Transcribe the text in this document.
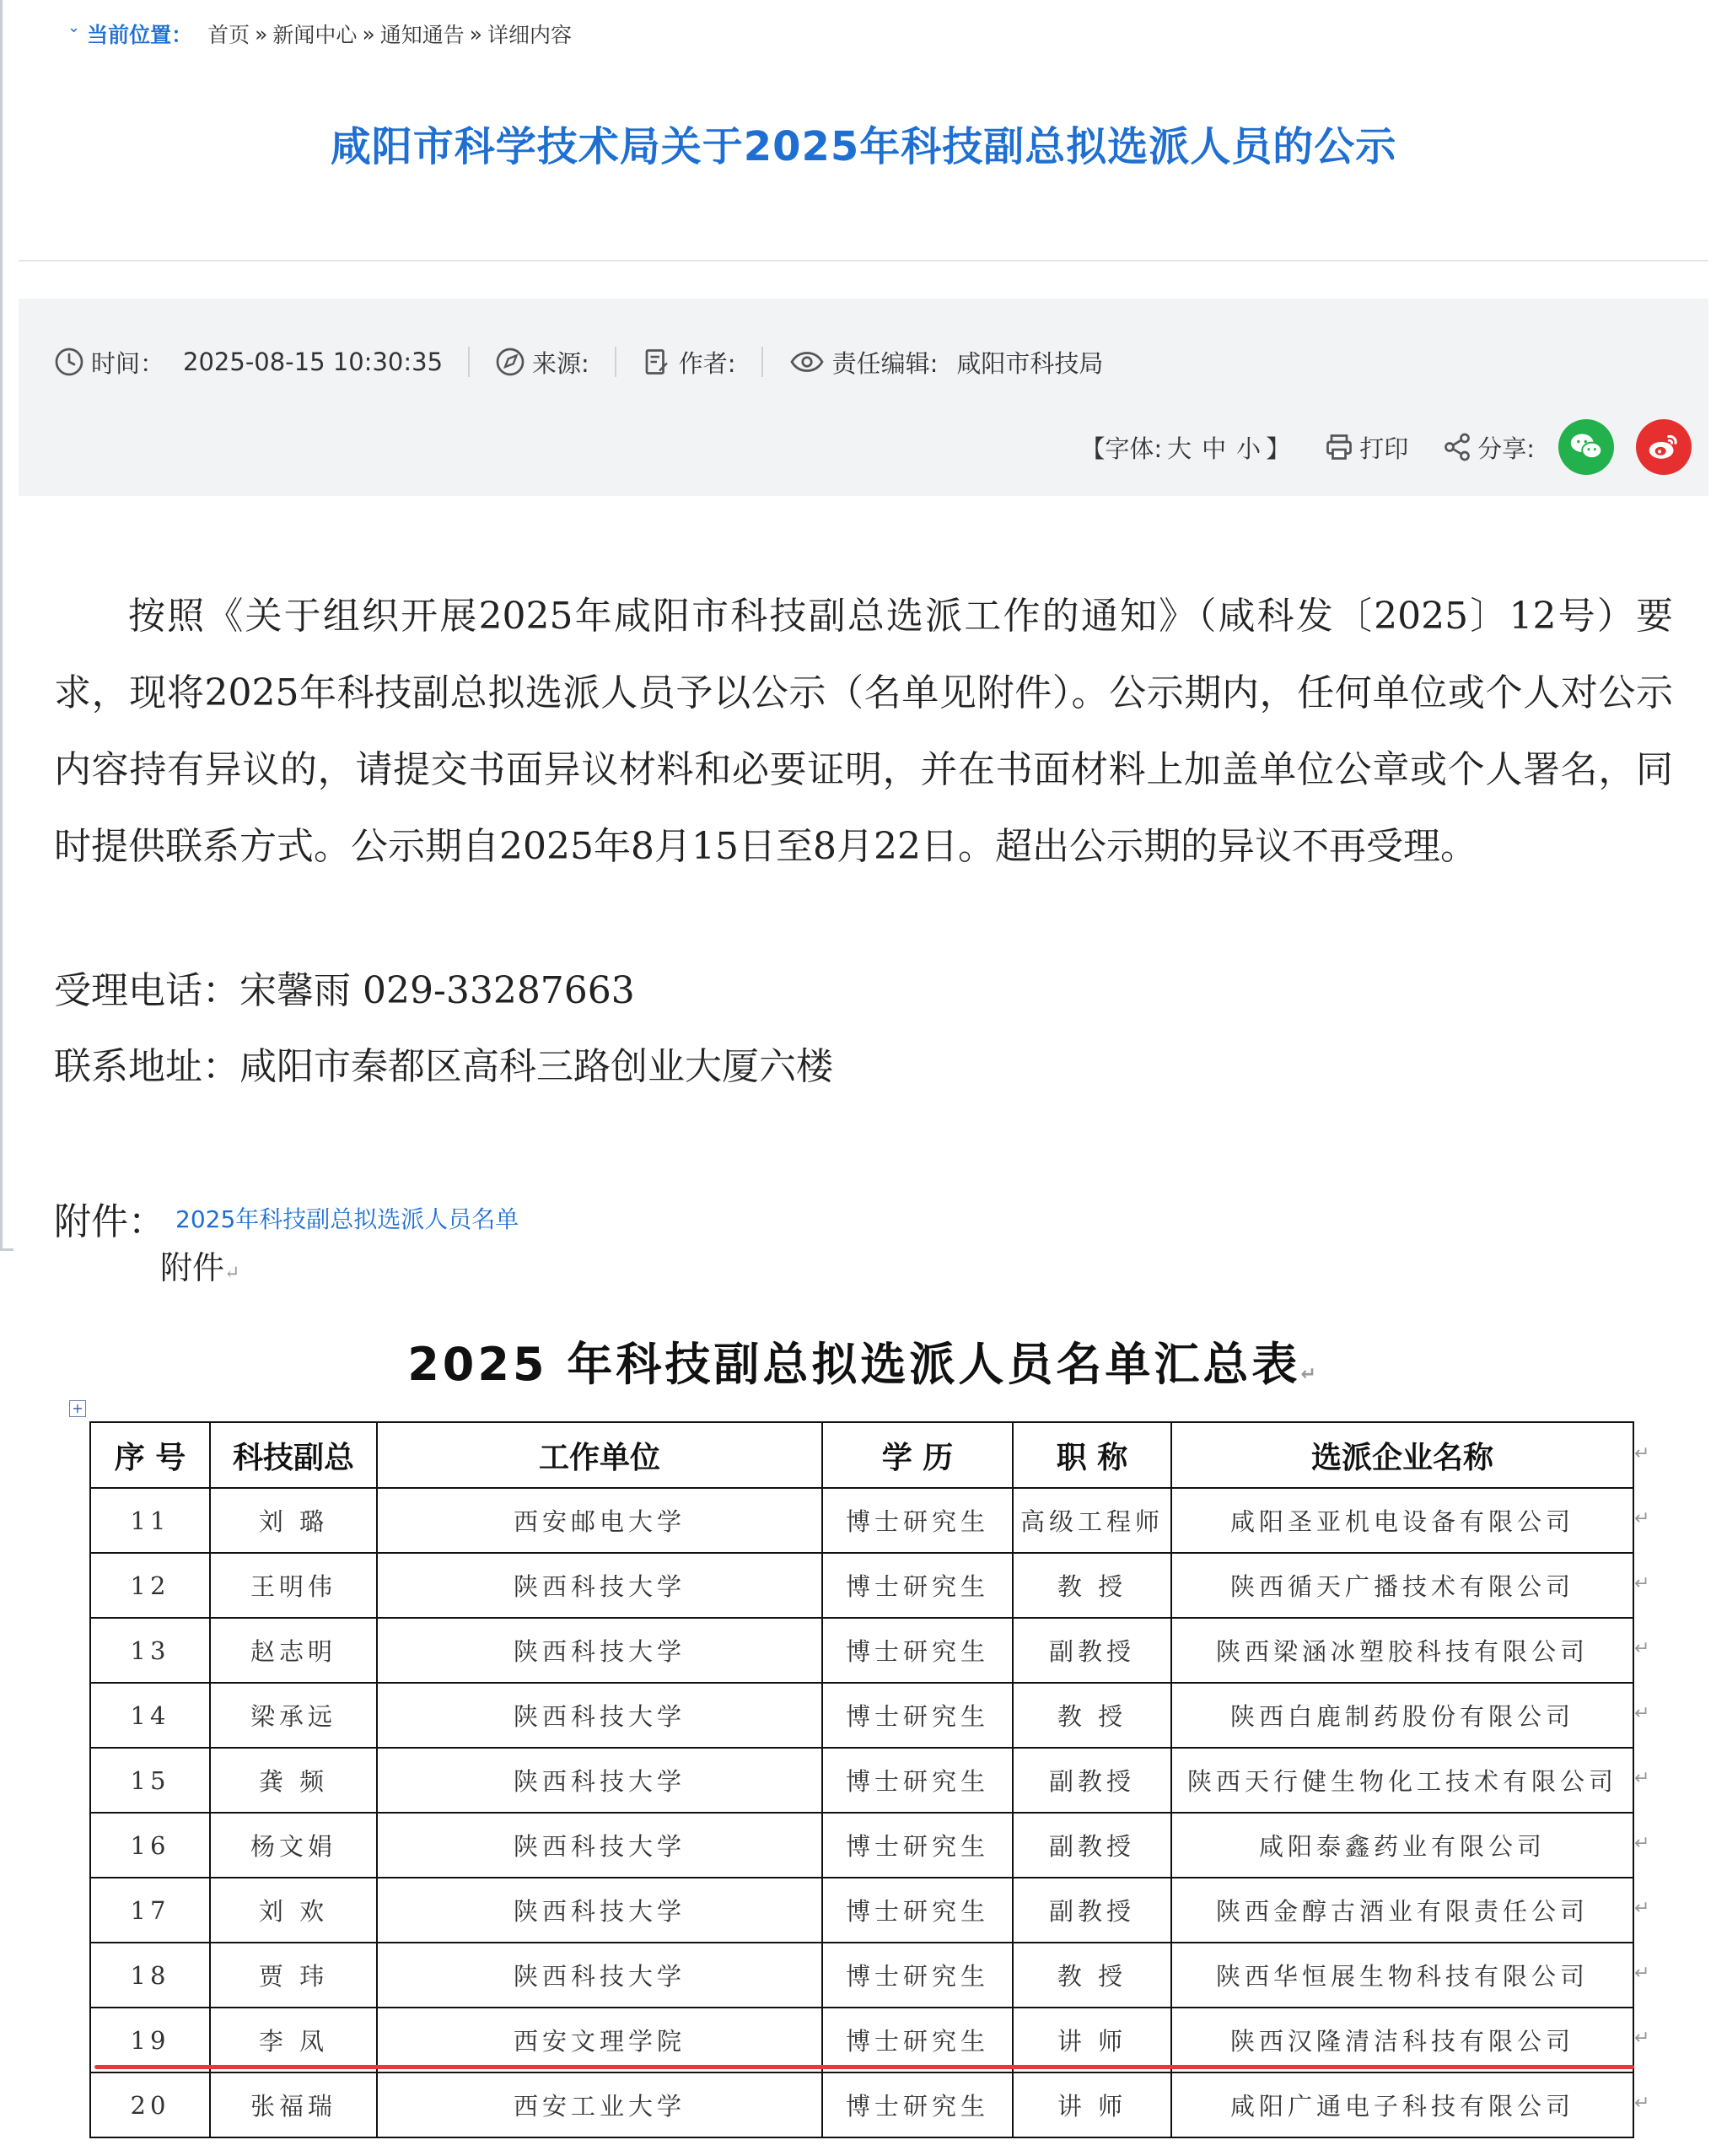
⌄ 当前位置： 首页 » 新闻中心 » 通知通告 » 详细内容
咸阳市科学技术局关于2025年科技副总拟选派人员的公示
时间： 2025-08-15 10:30:35	来源:	作者:	责任编辑: 咸阳市科技局
【字体: 大 中 小 】	打印	分享:

按照《关于组织开展2025年咸阳市科技副总选派工作的通知》（咸科发〔2025〕12号）要求，现将2025年科技副总拟选派人员予以公示（名单见附件）。公示期内，任何单位或个人对公示内容持有异议的，请提交书面异议材料和必要证明，并在书面材料上加盖单位公章或个人署名，同时提供联系方式。公示期自2025年8月15日至8月22日。超出公示期的异议不再受理。

受理电话：宋馨雨 029-33287663
联系地址：咸阳市秦都区高科三路创业大厦六楼
附件： 2025年科技副总拟选派人员名单
附件↵
2025 年科技副总拟选派人员名单汇总表↵
+
序 号	科技副总	工作单位	学 历	职 称	选派企业名称
11	刘 璐	西安邮电大学	博士研究生	高级工程师	咸阳圣亚机电设备有限公司
12	王明伟	陕西科技大学	博士研究生	教 授	陕西循天广播技术有限公司
13	赵志明	陕西科技大学	博士研究生	副教授	陕西梁涵冰塑胶科技有限公司
14	梁承远	陕西科技大学	博士研究生	教 授	陕西白鹿制药股份有限公司
15	龚 频	陕西科技大学	博士研究生	副教授	陕西天行健生物化工技术有限公司
16	杨文娟	陕西科技大学	博士研究生	副教授	咸阳泰鑫药业有限公司
17	刘 欢	陕西科技大学	博士研究生	副教授	陕西金醇古酒业有限责任公司
18	贾 玮	陕西科技大学	博士研究生	教 授	陕西华恒展生物科技有限公司
19	李 凤	西安文理学院	博士研究生	讲 师	陕西汉隆清洁科技有限公司
20	张福瑞	西安工业大学	博士研究生	讲 师	咸阳广通电子科技有限公司
↵
↵
↵
↵
↵
↵
↵
↵
↵
↵
↵
